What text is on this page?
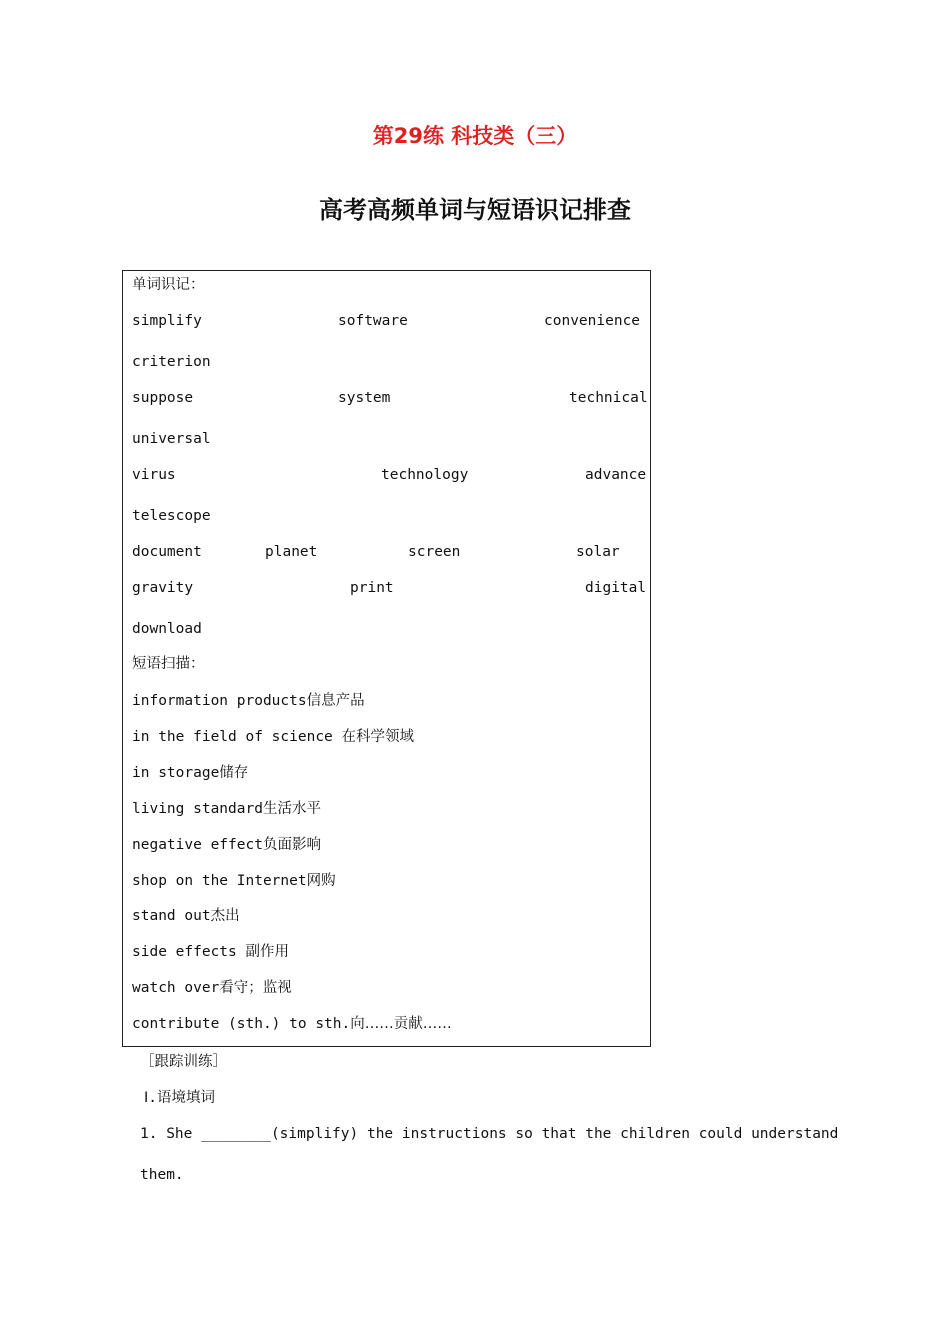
第29练 科技类（三）
高考高频单词与短语识记排查
单词识记：
simplify	software	convenience
criterion
suppose	system	technical
universal
virus	technology	advance
telescope
document	planet	screen	solar
gravity	print	digital
download
短语扫描：
information products信息产品
in the field of science 在科学领域
in storage储存
living standard生活水平
negative effect负面影响
shop on the Internet网购
stand out杰出
side effects 副作用
watch over看守；监视
contribute (sth.) to sth.向……贡献……
［跟踪训练］
Ⅰ.语境填词
1. She ________(simplify) the instructions so that the children could understand
them.
